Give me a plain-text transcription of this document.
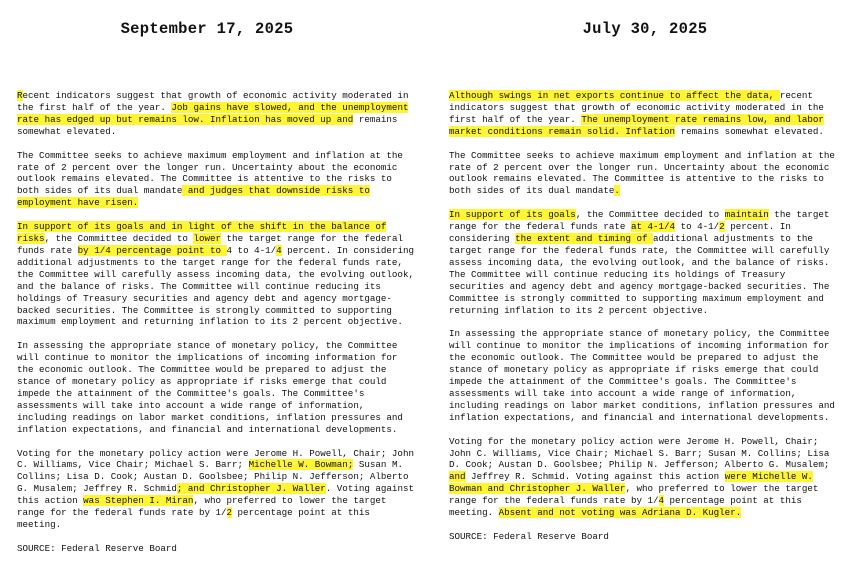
September 17, 2025

Recent indicators suggest that growth of economic activity moderated in the first half of the year. Job gains have slowed, and the unemployment rate has edged up but remains low. Inflation has moved up and remains somewhat elevated.

The Committee seeks to achieve maximum employment and inflation at the rate of 2 percent over the longer run. Uncertainty about the economic outlook remains elevated. The Committee is attentive to the risks to both sides of its dual mandate and judges that downside risks to employment have risen.

In support of its goals and in light of the shift in the balance of risks, the Committee decided to lower the target range for the federal funds rate by 1/4 percentage point to 4 to 4-1/4 percent. In considering additional adjustments to the target range for the federal funds rate, the Committee will carefully assess incoming data, the evolving outlook, and the balance of risks. The Committee will continue reducing its holdings of Treasury securities and agency debt and agency mortgage-backed securities. The Committee is strongly committed to supporting maximum employment and returning inflation to its 2 percent objective.

In assessing the appropriate stance of monetary policy, the Committee will continue to monitor the implications of incoming information for the economic outlook. The Committee would be prepared to adjust the stance of monetary policy as appropriate if risks emerge that could impede the attainment of the Committee's goals. The Committee's assessments will take into account a wide range of information, including readings on labor market conditions, inflation pressures and inflation expectations, and financial and international developments.

Voting for the monetary policy action were Jerome H. Powell, Chair; John C. Williams, Vice Chair; Michael S. Barr; Michelle W. Bowman; Susan M. Collins; Lisa D. Cook; Austan D. Goolsbee; Philip N. Jefferson; Alberto G. Musalem; Jeffrey R. Schmid; and Christopher J. Waller. Voting against this action was Stephen I. Miran, who preferred to lower the target range for the federal funds rate by 1/2 percentage point at this meeting.

SOURCE: Federal Reserve Board

July 30, 2025

Although swings in net exports continue to affect the data, recent indicators suggest that growth of economic activity moderated in the first half of the year. The unemployment rate remains low, and labor market conditions remain solid. Inflation remains somewhat elevated.

The Committee seeks to achieve maximum employment and inflation at the rate of 2 percent over the longer run. Uncertainty about the economic outlook remains elevated. The Committee is attentive to the risks to both sides of its dual mandate.

In support of its goals, the Committee decided to maintain the target range for the federal funds rate at 4-1/4 to 4-1/2 percent. In considering the extent and timing of additional adjustments to the target range for the federal funds rate, the Committee will carefully assess incoming data, the evolving outlook, and the balance of risks. The Committee will continue reducing its holdings of Treasury securities and agency debt and agency mortgage-backed securities. The Committee is strongly committed to supporting maximum employment and returning inflation to its 2 percent objective.

In assessing the appropriate stance of monetary policy, the Committee will continue to monitor the implications of incoming information for the economic outlook. The Committee would be prepared to adjust the stance of monetary policy as appropriate if risks emerge that could impede the attainment of the Committee's goals. The Committee's assessments will take into account a wide range of information, including readings on labor market conditions, inflation pressures and inflation expectations, and financial and international developments.

Voting for the monetary policy action were Jerome H. Powell, Chair; John C. Williams, Vice Chair; Michael S. Barr; Susan M. Collins; Lisa D. Cook; Austan D. Goolsbee; Philip N. Jefferson; Alberto G. Musalem; and Jeffrey R. Schmid. Voting against this action were Michelle W. Bowman and Christopher J. Waller, who preferred to lower the target range for the federal funds rate by 1/4 percentage point at this meeting. Absent and not voting was Adriana D. Kugler.

SOURCE: Federal Reserve Board
